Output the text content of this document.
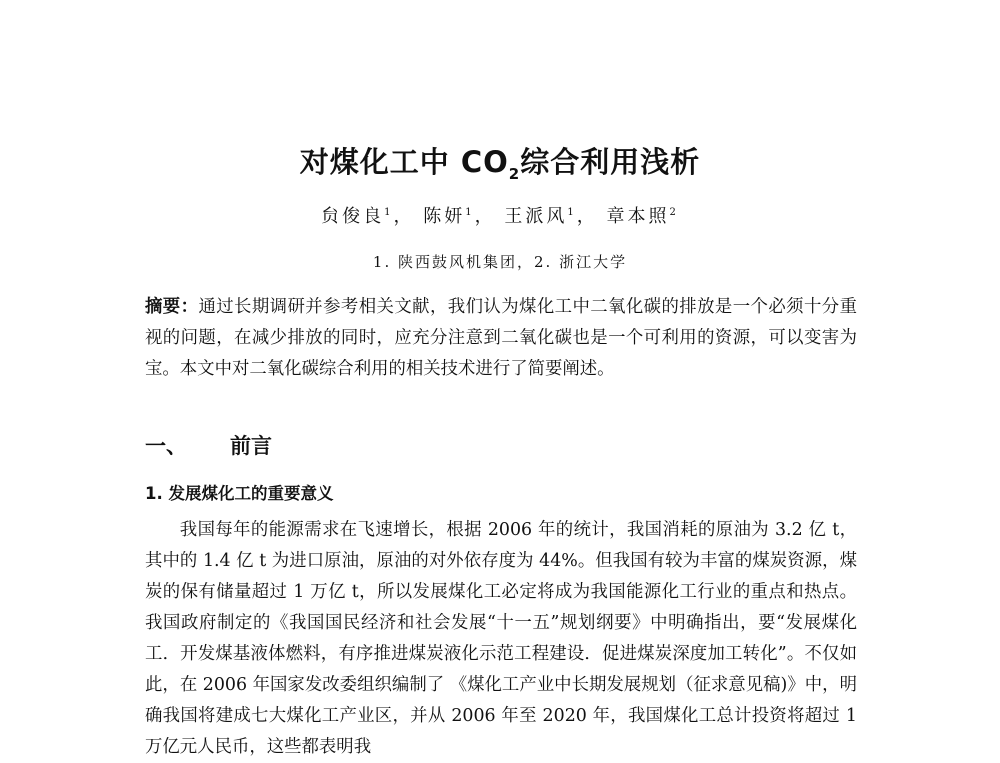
对煤化工中 $CO_2$综合利用浅析
贠俊良$^1$， 陈妍$^1$， 王派风$^1$， 章本照$^2$
1. 陕西鼓风机集团，2. 浙江大学
摘要：通过长期调研并参考相关文献，我们认为煤化工中二氧化碳的排放是一个必须十分重视的问题，在减少排放的同时，应充分注意到二氧化碳也是一个可利用的资源，可以变害为宝。本文中对二氧化碳综合利用的相关技术进行了简要阐述。
一、 前言
1. 发展煤化工的重要意义
我国每年的能源需求在飞速增长，根据 2006 年的统计，我国消耗的原油为 3.2 亿 t，其中的 1.4 亿 t 为进口原油，原油的对外依存度为 44%。但我国有较为丰富的煤炭资源，煤炭的保有储量超过 1 万亿 t，所以发展煤化工必定将成为我国能源化工行业的重点和热点。我国政府制定的《我国国民经济和社会发展“十一五”规划纲要》中明确指出，要“发展煤化工．开发煤基液体燃料，有序推进煤炭液化示范工程建设．促进煤炭深度加工转化”。不仅如此，在 2006 年国家发改委组织编制了 《煤化工产业中长期发展规划（征求意见稿)》中，明确我国将建成七大煤化工产业区，并从 2006 年至 2020 年，我国煤化工总计投资将超过 1 万亿元人民币，这些都表明我
